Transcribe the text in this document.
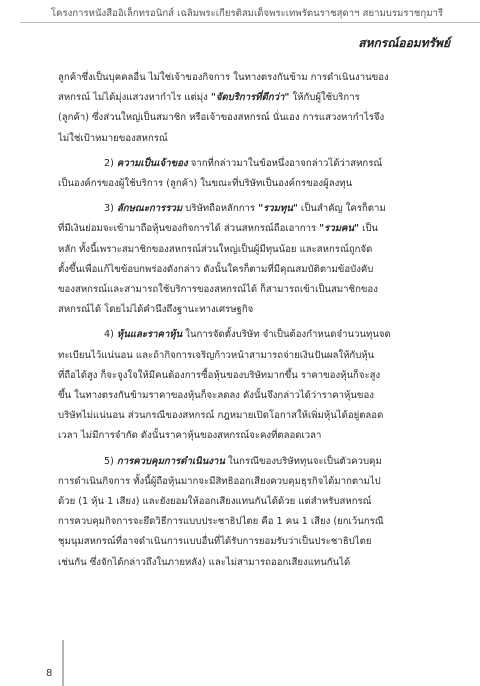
โครงการหนังสืออิเล็กทรอนิกส์ เฉลิมพระเกียรติสมเด็จพระเทพรัตนราชสุดาฯ สยามบรมราชกุมารี
สหกรณ์ออมทรัพย์

ลูกค้าซึ่งเป็นบุคคลอื่น ไม่ใช่เจ้าของกิจการ ในทางตรงกันข้าม การดำเนินงานของ
สหกรณ์ ไม่ได้มุ่งแสวงหากำไร แต่มุ่ง "จัดบริการที่ดีกว่า" ให้กับผู้ใช้บริการ
(ลูกค้า) ซึ่งส่วนใหญ่เป็นสมาชิก หรือเจ้าของสหกรณ์ นั่นเอง การแสวงหากำไรจึง
ไม่ใช่เป้าหมายของสหกรณ์

2) ความเป็นเจ้าของ จากที่กล่าวมาในข้อหนึ่งอาจกล่าวได้ว่าสหกรณ์
เป็นองค์กรของผู้ใช้บริการ (ลูกค้า) ในขณะที่บริษัทเป็นองค์กรของผู้ลงทุน

3) ลักษณะการรวม บริษัทถือหลักการ "รวมทุน" เป็นสำคัญ ใครก็ตาม
ที่มีเงินย่อมจะเข้ามาถือหุ้นของกิจการได้ ส่วนสหกรณ์ถือเอาการ "รวมคน" เป็น
หลัก ทั้งนี้เพราะสมาชิกของสหกรณ์ส่วนใหญ่เป็นผู้มีทุนน้อย และสหกรณ์ถูกจัด
ตั้งขึ้นเพื่อแก้ไขข้อบกพร่องดังกล่าว ดังนั้นใครก็ตามที่มีคุณสมบัติตามข้อบังคับ
ของสหกรณ์และสามารถใช้บริการของสหกรณ์ได้ ก็สามารถเข้าเป็นสมาชิกของ
สหกรณ์ได้ โดยไม่ได้คำนึงถึงฐานะทางเศรษฐกิจ

4) หุ้นและราคาหุ้น ในการจัดตั้งบริษัท จำเป็นต้องกำหนดจำนวนทุนจด
ทะเบียนไว้แน่นอน และถ้ากิจการเจริญก้าวหน้าสามารถจ่ายเงินปันผลให้กับหุ้น
ที่ถือได้สูง ก็จะจูงใจให้มีคนต้องการซื้อหุ้นของบริษัทมากขึ้น ราคาของหุ้นก็จะสูง
ขึ้น ในทางตรงกันข้ามราคาของหุ้นก็จะลดลง ดังนั้นจึงกล่าวได้ว่าราคาหุ้นของ
บริษัทไม่แน่นอน ส่วนกรณีของสหกรณ์ กฎหมายเปิดโอกาสให้เพิ่มหุ้นได้อยู่ตลอด
เวลา ไม่มีการจำกัด ดังนั้นราคาหุ้นของสหกรณ์จะคงที่ตลอดเวลา

5) การควบคุมการดำเนินงาน ในกรณีของบริษัททุนจะเป็นตัวควบคุม
การดำเนินกิจการ ทั้งนี้ผู้ถือหุ้นมากจะมีสิทธิออกเสียงควบคุมธุรกิจได้มากตามไป
ด้วย (1 หุ้น 1 เสียง) และยังยอมให้ออกเสียงแทนกันได้ด้วย แต่สำหรับสหกรณ์
การควบคุมกิจการจะยึดวิธีการแบบประชาธิปไตย คือ 1 คน 1 เสียง (ยกเว้นกรณี
ชุมนุมสหกรณ์ที่อาจดำเนินการแบบอื่นที่ได้รับการยอมรับว่าเป็นประชาธิปไตย
เช่นกัน ซึ่งจักได้กล่าวถึงในภายหลัง) และไม่สามารถออกเสียงแทนกันได้

8
